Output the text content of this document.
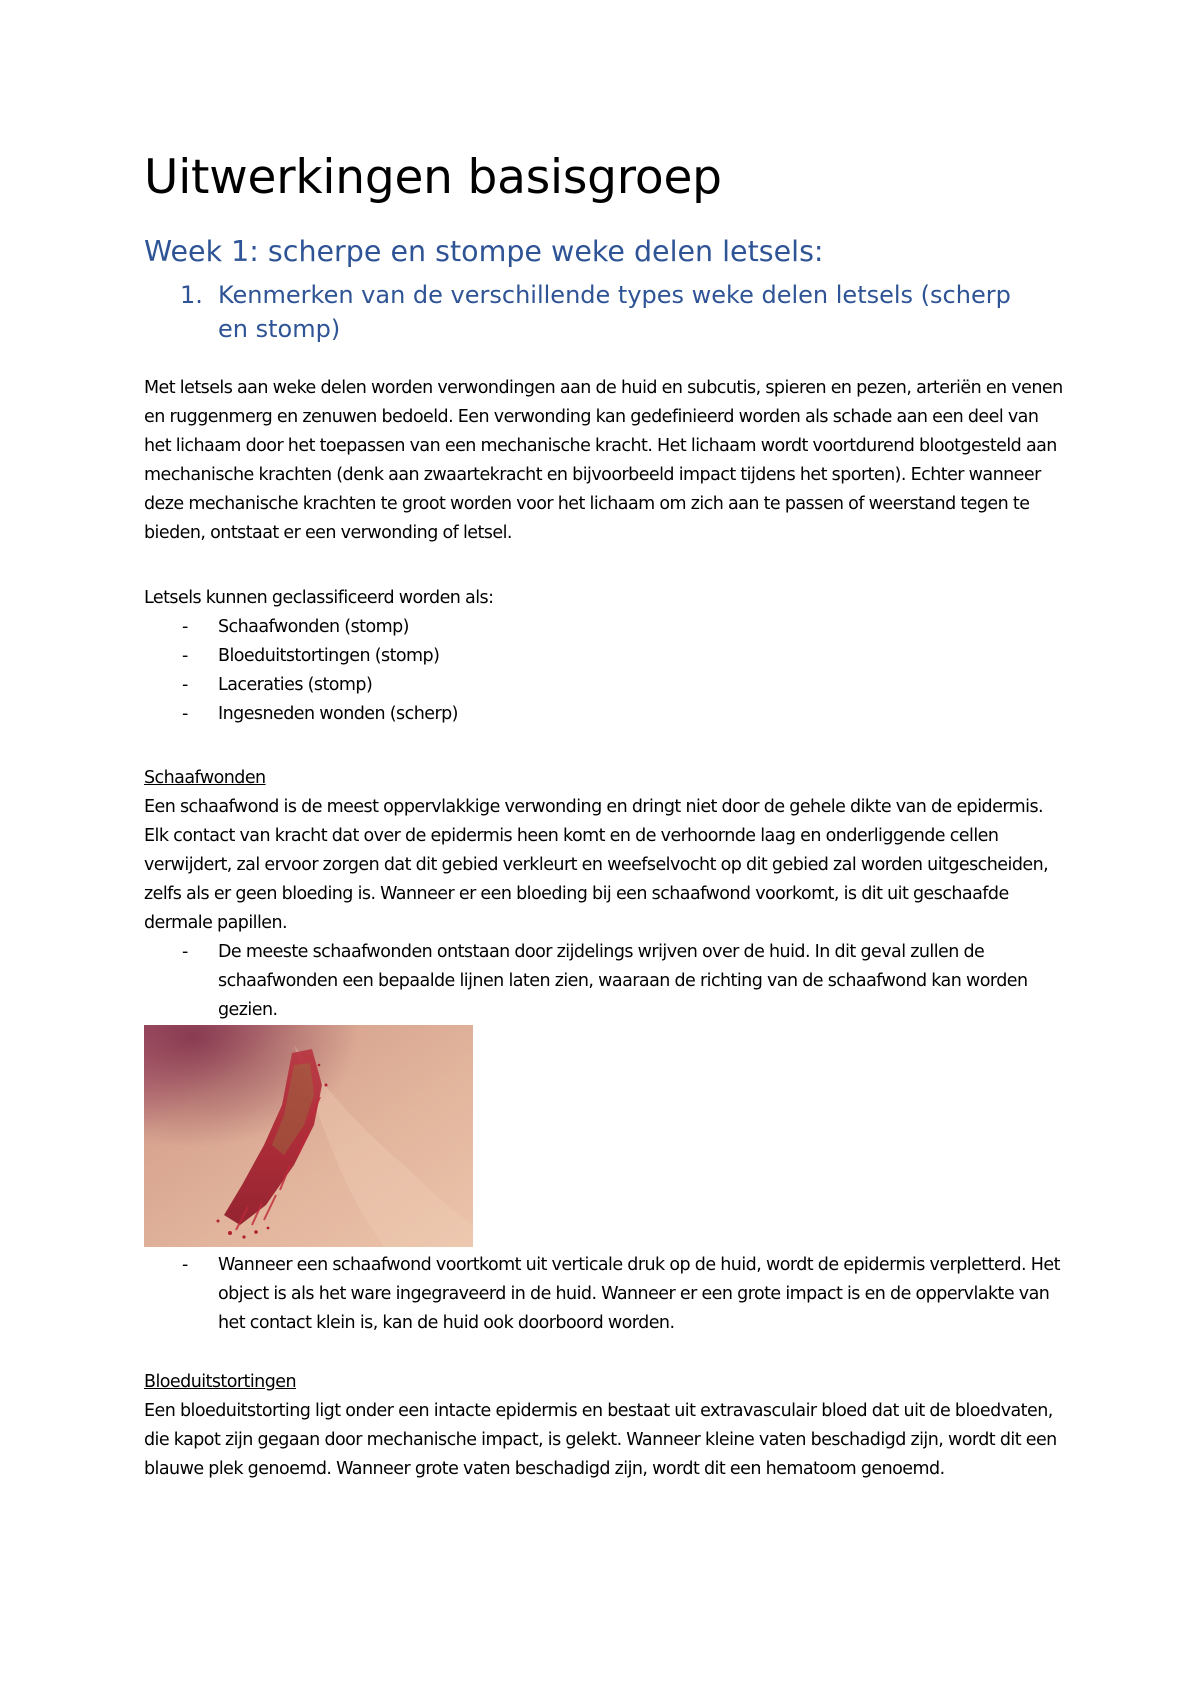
Uitwerkingen basisgroep
Week 1: scherpe en stompe weke delen letsels:
1. Kenmerken van de verschillende types weke delen letsels (scherp en stomp)

Met letsels aan weke delen worden verwondingen aan de huid en subcutis, spieren en pezen, arteriën en venen en ruggenmerg en zenuwen bedoeld. Een verwonding kan gedefinieerd worden als schade aan een deel van het lichaam door het toepassen van een mechanische kracht. Het lichaam wordt voortdurend blootgesteld aan mechanische krachten (denk aan zwaartekracht en bijvoorbeeld impact tijdens het sporten). Echter wanneer deze mechanische krachten te groot worden voor het lichaam om zich aan te passen of weerstand tegen te bieden, ontstaat er een verwonding of letsel.

Letsels kunnen geclassificeerd worden als:

- Schaafwonden (stomp)
- Bloeduitstortingen (stomp)
- Laceraties (stomp)
- Ingesneden wonden (scherp)

Schaafwonden

Een schaafwond is de meest oppervlakkige verwonding en dringt niet door de gehele dikte van de epidermis. Elk contact van kracht dat over de epidermis heen komt en de verhoornde laag en onderliggende cellen verwijdert, zal ervoor zorgen dat dit gebied verkleurt en weefselvocht op dit gebied zal worden uitgescheiden, zelfs als er geen bloeding is. Wanneer er een bloeding bij een schaafwond voorkomt, is dit uit geschaafde dermale papillen.

- De meeste schaafwonden ontstaan door zijdelings wrijven over de huid. In dit geval zullen de schaafwonden een bepaalde lijnen laten zien, waaraan de richting van de schaafwond kan worden gezien.
- Wanneer een schaafwond voortkomt uit verticale druk op de huid, wordt de epidermis verpletterd. Het object is als het ware ingegraveerd in de huid. Wanneer er een grote impact is en de oppervlakte van het contact klein is, kan de huid ook doorboord worden.

Bloeduitstortingen

Een bloeduitstorting ligt onder een intacte epidermis en bestaat uit extravasculair bloed dat uit de bloedvaten, die kapot zijn gegaan door mechanische impact, is gelekt. Wanneer kleine vaten beschadigd zijn, wordt dit een blauwe plek genoemd. Wanneer grote vaten beschadigd zijn, wordt dit een hematoom genoemd.
